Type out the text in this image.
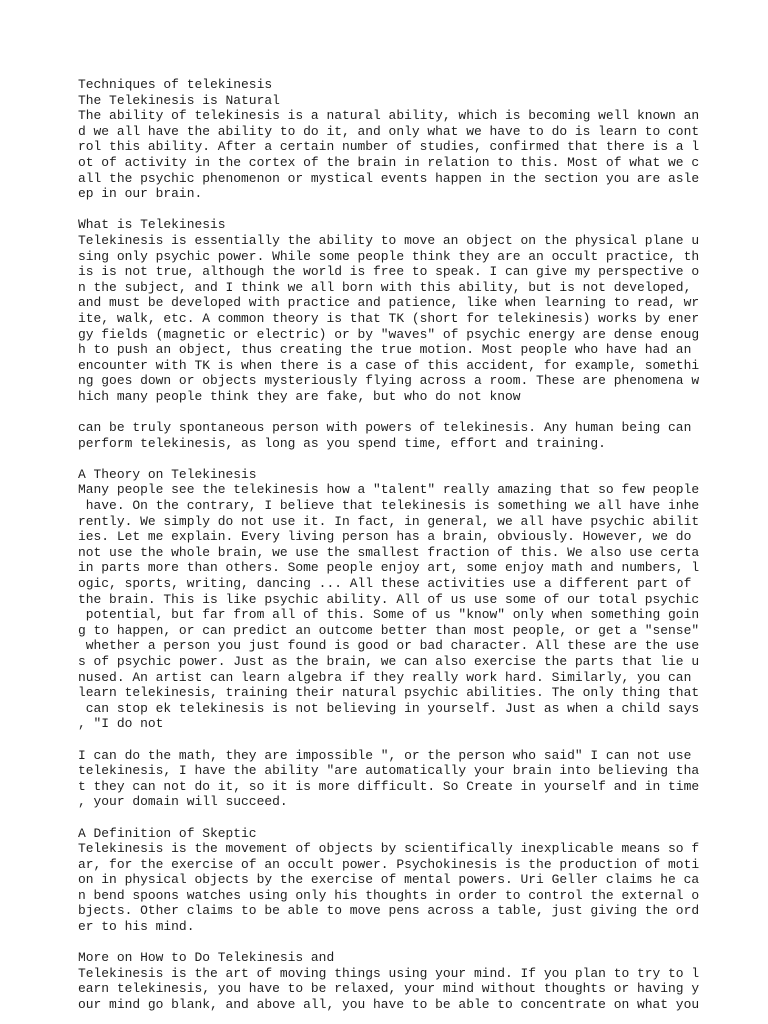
Techniques of telekinesis
The Telekinesis is Natural
The ability of telekinesis is a natural ability, which is becoming well known an
d we all have the ability to do it, and only what we have to do is learn to cont
rol this ability. After a certain number of studies, confirmed that there is a l
ot of activity in the cortex of the brain in relation to this. Most of what we c
all the psychic phenomenon or mystical events happen in the section you are asle
ep in our brain.
What is Telekinesis
Telekinesis is essentially the ability to move an object on the physical plane u
sing only psychic power. While some people think they are an occult practice, th
is is not true, although the world is free to speak. I can give my perspective o
n the subject, and I think we all born with this ability, but is not developed,
and must be developed with practice and patience, like when learning to read, wr
ite, walk, etc. A common theory is that TK (short for telekinesis) works by ener
gy fields (magnetic or electric) or by "waves" of psychic energy are dense enoug
h to push an object, thus creating the true motion. Most people who have had an
encounter with TK is when there is a case of this accident, for example, somethi
ng goes down or objects mysteriously flying across a room. These are phenomena w
hich many people think they are fake, but who do not know
can be truly spontaneous person with powers of telekinesis. Any human being can
perform telekinesis, as long as you spend time, effort and training.
A Theory on Telekinesis
Many people see the telekinesis how a "talent" really amazing that so few people
have. On the contrary, I believe that telekinesis is something we all have inhe
rently. We simply do not use it. In fact, in general, we all have psychic abilit
ies. Let me explain. Every living person has a brain, obviously. However, we do
not use the whole brain, we use the smallest fraction of this. We also use certa
in parts more than others. Some people enjoy art, some enjoy math and numbers, l
ogic, sports, writing, dancing ... All these activities use a different part of
the brain. This is like psychic ability. All of us use some of our total psychic
potential, but far from all of this. Some of us "know" only when something goin
g to happen, or can predict an outcome better than most people, or get a "sense"
whether a person you just found is good or bad character. All these are the use
s of psychic power. Just as the brain, we can also exercise the parts that lie u
nused. An artist can learn algebra if they really work hard. Similarly, you can
learn telekinesis, training their natural psychic abilities. The only thing that
can stop ek telekinesis is not believing in yourself. Just as when a child says
, "I do not
I can do the math, they are impossible ", or the person who said" I can not use
telekinesis, I have the ability "are automatically your brain into believing tha
t they can not do it, so it is more difficult. So Create in yourself and in time
, your domain will succeed.
A Definition of Skeptic
Telekinesis is the movement of objects by scientifically inexplicable means so f
ar, for the exercise of an occult power. Psychokinesis is the production of moti
on in physical objects by the exercise of mental powers. Uri Geller claims he ca
n bend spoons watches using only his thoughts in order to control the external o
bjects. Other claims to be able to move pens across a table, just giving the ord
er to his mind.
More on How to Do Telekinesis and
Telekinesis is the art of moving things using your mind. If you plan to try to l
earn telekinesis, you have to be relaxed, your mind without thoughts or having y
our mind go blank, and above all, you have to be able to concentrate on what you
